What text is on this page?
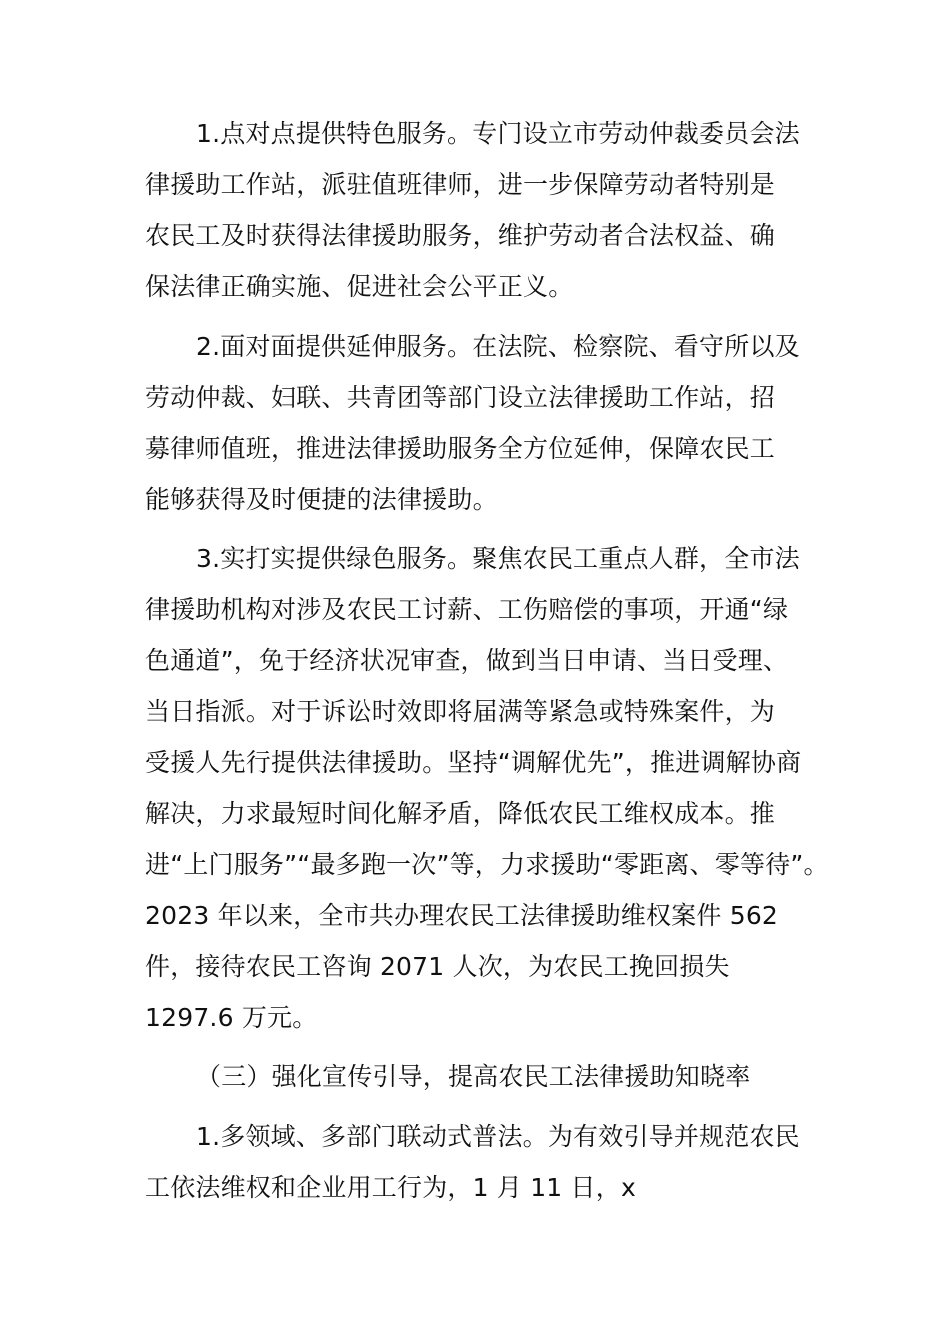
1.点对点提供特色服务。专门设立市劳动仲裁委员会法
律援助工作站，派驻值班律师，进一步保障劳动者特别是
农民工及时获得法律援助服务，维护劳动者合法权益、确
保法律正确实施、促进社会公平正义。
2.面对面提供延伸服务。在法院、检察院、看守所以及
劳动仲裁、妇联、共青团等部门设立法律援助工作站，招
募律师值班，推进法律援助服务全方位延伸，保障农民工
能够获得及时便捷的法律援助。
3.实打实提供绿色服务。聚焦农民工重点人群，全市法
律援助机构对涉及农民工讨薪、工伤赔偿的事项，开通“绿
色通道”，免于经济状况审查，做到当日申请、当日受理、
当日指派。对于诉讼时效即将届满等紧急或特殊案件，为
受援人先行提供法律援助。坚持“调解优先”，推进调解协商
解决，力求最短时间化解矛盾，降低农民工维权成本。推
进“上门服务”“最多跑一次”等，力求援助“零距离、零等待”。
2023 年以来，全市共办理农民工法律援助维权案件 562
件，接待农民工咨询 2071 人次，为农民工挽回损失
1297.6 万元。
（三）强化宣传引导，提高农民工法律援助知晓率
1.多领域、多部门联动式普法。为有效引导并规范农民
工依法维权和企业用工行为，1 月 11 日，x
